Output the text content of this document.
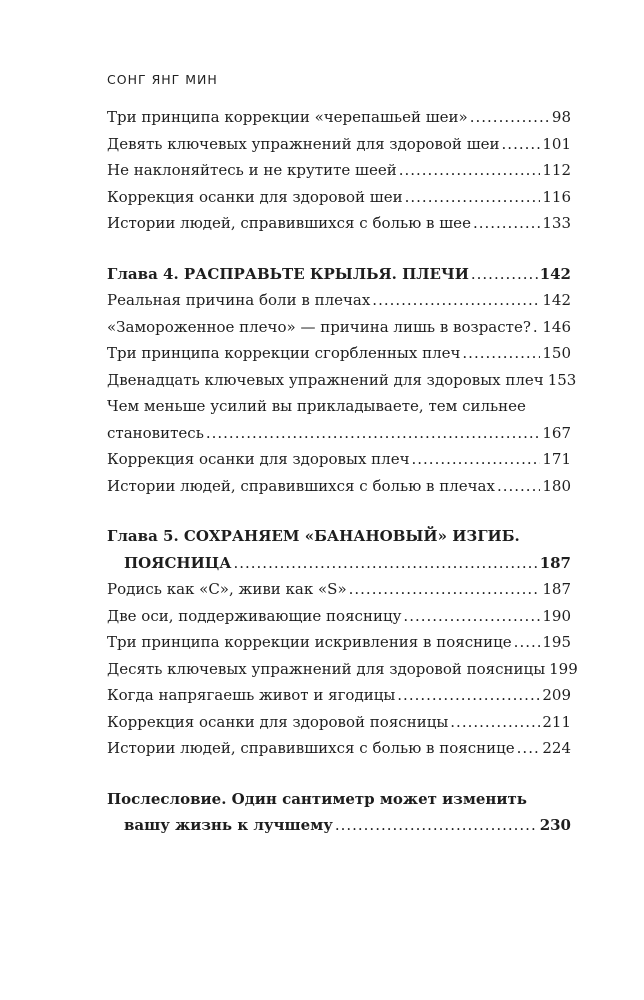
СОНГ ЯНГ МИН
Три принципа коррекции «черепашьей шеи» .....	98
Девять ключевых упражнений для здоровой шеи .....	101
Не наклоняйтесь и не крутите шеей .....	112
Коррекция осанки для здоровой шеи .....	116
Истории людей, справившихся с болью в шее .....	133
Глава 4. РАСПРАВЬТЕ КРЫЛЬЯ. ПЛЕЧИ .....	142
Реальная причина боли в плечах .....	142
«Замороженное плечо» — причина лишь в возрасте? ..... 146
Три принципа коррекции сгорбленных плеч .....	150
Двенадцать ключевых упражнений для здоровых плеч 153
Чем меньше усилий вы прикладываете, тем сильнее
становитесь .....	167
Коррекция осанки для здоровых плеч .....	171
Истории людей, справившихся с болью в плечах .....	180
Глава 5. СОХРАНЯЕМ «БАНАНОВЫЙ» ИЗГИБ.
ПОЯСНИЦА .....	187
Родись как «С», живи как «S» .....	187
Две оси, поддерживающие поясницу .....	190
Три принципа коррекции искривления в пояснице ..... 195
Десять ключевых упражнений для здоровой поясницы 199
Когда напрягаешь живот и ягодицы .....	209
Коррекция осанки для здоровой поясницы .....	211
Истории людей, справившихся с болью в пояснице ..... 224
Послесловие. Один сантиметр может изменить
вашу жизнь к лучшему .....	230
